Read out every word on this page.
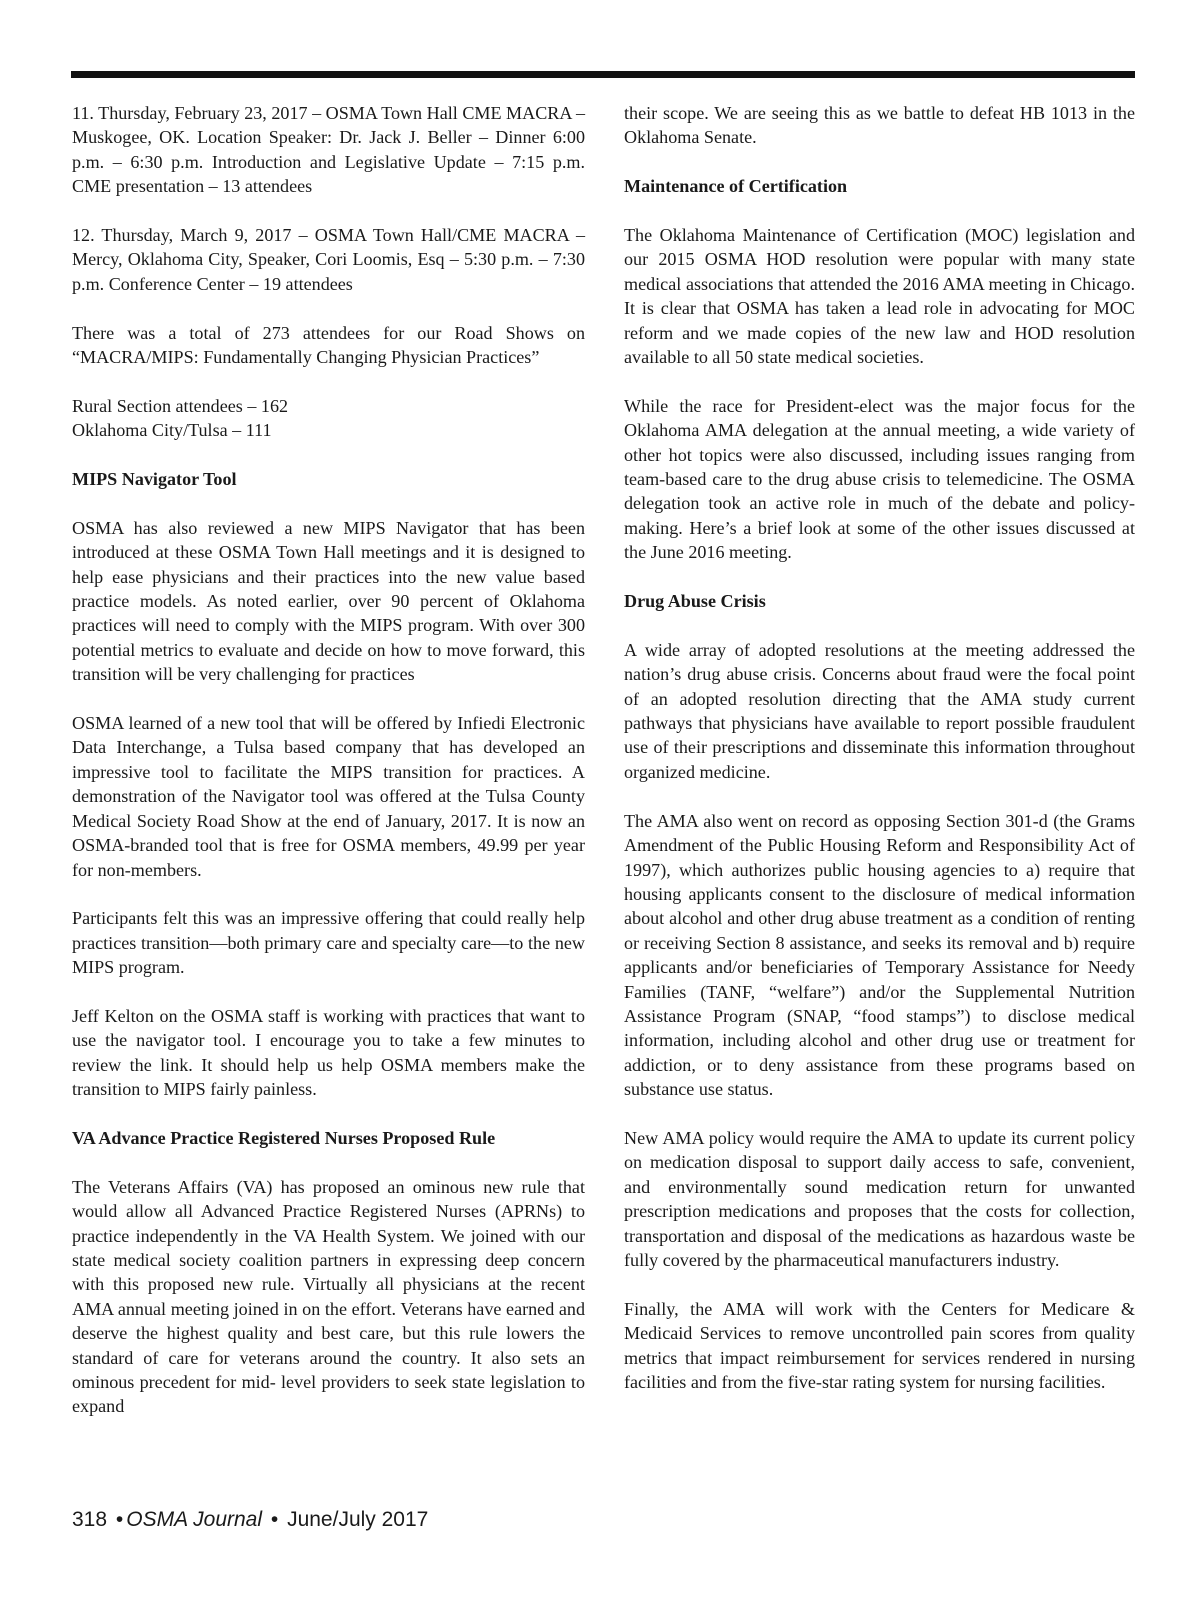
11. Thursday, February 23, 2017 – OSMA Town Hall CME MACRA – Muskogee, OK. Location Speaker: Dr. Jack J. Beller – Dinner 6:00 p.m. – 6:30 p.m. Introduction and Legislative Update – 7:15 p.m. CME presentation – 13 attendees

12. Thursday, March 9, 2017 – OSMA Town Hall/CME MACRA – Mercy, Oklahoma City, Speaker, Cori Loomis, Esq – 5:30 p.m. – 7:30 p.m. Conference Center – 19 attendees

There was a total of 273 attendees for our Road Shows on “MACRA/MIPS: Fundamentally Changing Physician Practices”

Rural Section attendees – 162

Oklahoma City/Tulsa – 111

MIPS Navigator Tool

OSMA has also reviewed a new MIPS Navigator that has been introduced at these OSMA Town Hall meetings and it is designed to help ease physicians and their practices into the new value based practice models. As noted earlier, over 90 percent of Oklahoma practices will need to comply with the MIPS program. With over 300 potential metrics to evaluate and decide on how to move forward, this transition will be very challenging for practices

OSMA learned of a new tool that will be offered by Infiedi Electronic Data Interchange, a Tulsa based company that has developed an impressive tool to facilitate the MIPS transition for practices. A demonstration of the Navigator tool was offered at the Tulsa County Medical Society Road Show at the end of January, 2017. It is now an OSMA-branded tool that is free for OSMA members, 49.99 per year for non-members.

Participants felt this was an impressive offering that could really help practices transition—both primary care and specialty care—to the new MIPS program.

Jeff Kelton on the OSMA staff is working with practices that want to use the navigator tool. I encourage you to take a few minutes to review the link. It should help us help OSMA members make the transition to MIPS fairly painless.

VA Advance Practice Registered Nurses Proposed Rule

The Veterans Affairs (VA) has proposed an ominous new rule that would allow all Advanced Practice Registered Nurses (APRNs) to practice independently in the VA Health System. We joined with our state medical society coalition partners in expressing deep concern with this proposed new rule. Virtually all physicians at the recent AMA annual meeting joined in on the effort. Veterans have earned and deserve the highest quality and best care, but this rule lowers the standard of care for veterans around the country. It also sets an ominous precedent for mid- level providers to seek state legislation to expand

their scope. We are seeing this as we battle to defeat HB 1013 in the Oklahoma Senate.

Maintenance of Certification

The Oklahoma Maintenance of Certification (MOC) legislation and our 2015 OSMA HOD resolution were popular with many state medical associations that attended the 2016 AMA meeting in Chicago. It is clear that OSMA has taken a lead role in advocating for MOC reform and we made copies of the new law and HOD resolution available to all 50 state medical societies.

While the race for President-elect was the major focus for the Oklahoma AMA delegation at the annual meeting, a wide variety of other hot topics were also discussed, including issues ranging from team-based care to the drug abuse crisis to telemedicine. The OSMA delegation took an active role in much of the debate and policy-making. Here’s a brief look at some of the other issues discussed at the June 2016 meeting.

Drug Abuse Crisis

A wide array of adopted resolutions at the meeting addressed the nation’s drug abuse crisis. Concerns about fraud were the focal point of an adopted resolution directing that the AMA study current pathways that physicians have available to report possible fraudulent use of their prescriptions and disseminate this information throughout organized medicine.

The AMA also went on record as opposing Section 301-d (the Grams Amendment of the Public Housing Reform and Responsibility Act of 1997), which authorizes public housing agencies to a) require that housing applicants consent to the disclosure of medical information about alcohol and other drug abuse treatment as a condition of renting or receiving Section 8 assistance, and seeks its removal and b) require applicants and/or beneficiaries of Temporary Assistance for Needy Families (TANF, “welfare”) and/or the Supplemental Nutrition Assistance Program (SNAP, “food stamps”) to disclose medical information, including alcohol and other drug use or treatment for addiction, or to deny assistance from these programs based on substance use status.

New AMA policy would require the AMA to update its current policy on medication disposal to support daily access to safe, convenient, and environmentally sound medication return for unwanted prescription medications and proposes that the costs for collection, transportation and disposal of the medications as hazardous waste be fully covered by the pharmaceutical manufacturers industry.

Finally, the AMA will work with the Centers for Medicare & Medicaid Services to remove uncontrolled pain scores from quality metrics that impact reimbursement for services rendered in nursing facilities and from the five-star rating system for nursing facilities.

318 • OSMA Journal • June/July 2017
